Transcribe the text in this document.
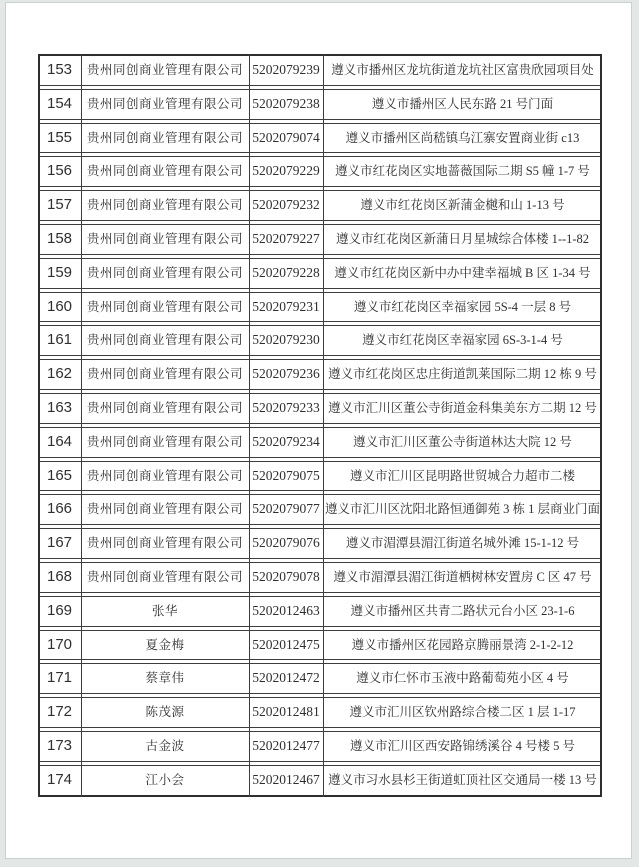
153	贵州同创商业管理有限公司	5202079239	遵义市播州区龙坑街道龙坑社区富贵欣园项目处
154	贵州同创商业管理有限公司	5202079238	遵义市播州区人民东路 21 号门面
155	贵州同创商业管理有限公司	5202079074	遵义市播州区尚嵇镇乌江寨安置商业街 c13
156	贵州同创商业管理有限公司	5202079229	遵义市红花岗区实地蔷薇国际二期 S5 幢 1-7 号
157	贵州同创商业管理有限公司	5202079232	遵义市红花岗区新蒲金樾和山 1-13 号
158	贵州同创商业管理有限公司	5202079227	遵义市红花岗区新蒲日月星城综合体楼 1--1-82
159	贵州同创商业管理有限公司	5202079228	遵义市红花岗区新中办中建幸福城 B 区 1-34 号
160	贵州同创商业管理有限公司	5202079231	遵义市红花岗区幸福家园 5S-4 一层 8 号
161	贵州同创商业管理有限公司	5202079230	遵义市红花岗区幸福家园 6S-3-1-4 号
162	贵州同创商业管理有限公司	5202079236	遵义市红花岗区忠庄街道凯莱国际二期 12 栋 9 号
163	贵州同创商业管理有限公司	5202079233	遵义市汇川区董公寺街道金科集美东方二期 12 号
164	贵州同创商业管理有限公司	5202079234	遵义市汇川区董公寺街道林达大院 12 号
165	贵州同创商业管理有限公司	5202079075	遵义市汇川区昆明路世贸城合力超市二楼
166	贵州同创商业管理有限公司	5202079077	遵义市汇川区沈阳北路恒通御苑 3 栋 1 层商业门面
167	贵州同创商业管理有限公司	5202079076	遵义市湄潭县湄江街道名城外滩 15-1-12 号
168	贵州同创商业管理有限公司	5202079078	遵义市湄潭县湄江街道栖树林安置房 C 区 47 号
169	张华	5202012463	遵义市播州区共青二路状元台小区 23-1-6
170	夏金梅	5202012475	遵义市播州区花园路京腾丽景湾 2-1-2-12
171	蔡章伟	5202012472	遵义市仁怀市玉液中路葡萄苑小区 4 号
172	陈茂源	5202012481	遵义市汇川区钦州路综合楼二区 1 层 1-17
173	古金波	5202012477	遵义市汇川区西安路锦绣溪谷 4 号楼 5 号
174	江小会	5202012467	遵义市习水县杉王街道虹顶社区交通局一楼 13 号
